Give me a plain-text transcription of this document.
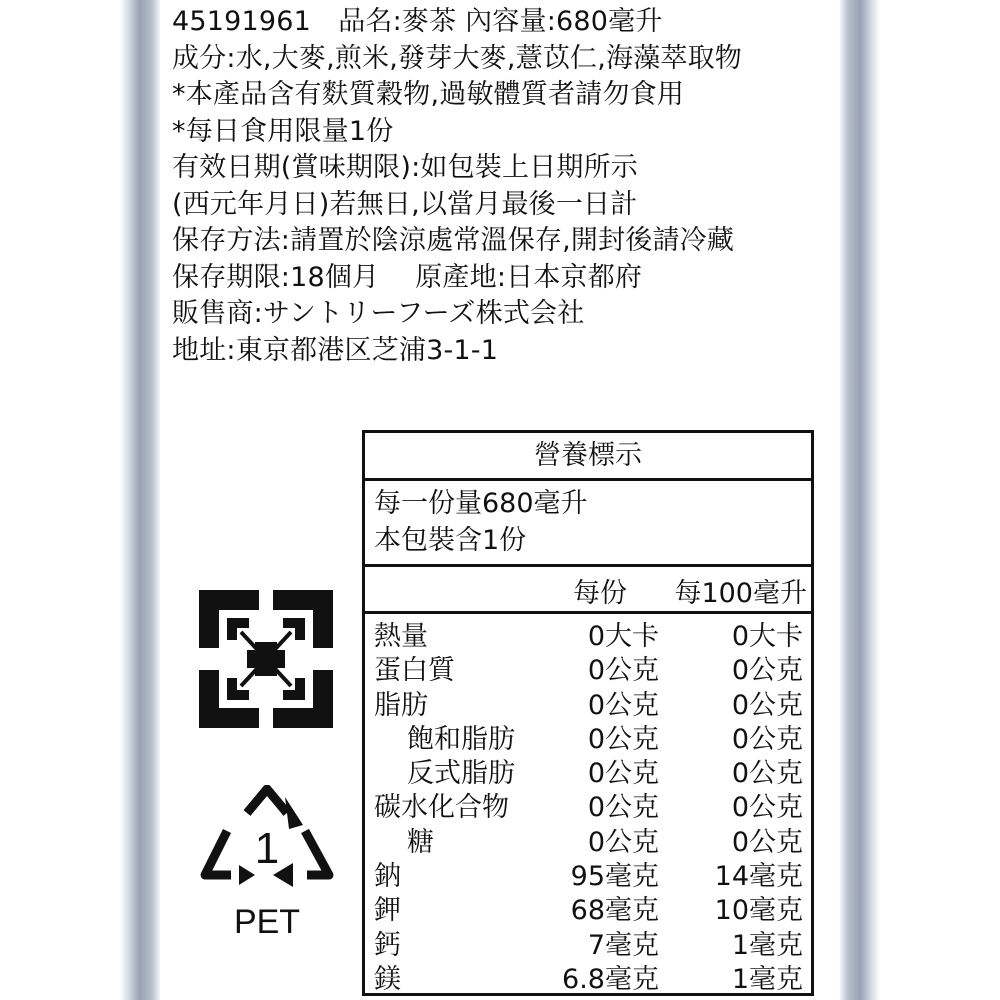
45191961　品名:麥茶 內容量:680毫升
成分:水,大麥,煎米,發芽大麥,薏苡仁,海藻萃取物
*本產品含有麩質穀物,過敏體質者請勿食用
*每日食用限量1份
有效日期(賞味期限):如包裝上日期所示
(西元年月日)若無日,以當月最後一日計
保存方法:請置於陰涼處常溫保存,開封後請冷藏
保存期限:18個月　 原產地:日本京都府
販售商:サントリーフーズ株式会社
地址:東京都港区芝浦3-1-1
1
PET
營養標示
每一份量680毫升
本包裝含1份
每份 每100毫升
熱量	0大卡	0大卡
蛋白質	0公克	0公克
脂肪	0公克	0公克
飽和脂肪	0公克	0公克
反式脂肪	0公克	0公克
碳水化合物	0公克	0公克
糖	0公克	0公克
鈉	95毫克 14毫克
鉀	68毫克 10毫克
鈣	7毫克	1毫克
鎂	6.8毫克	1毫克
